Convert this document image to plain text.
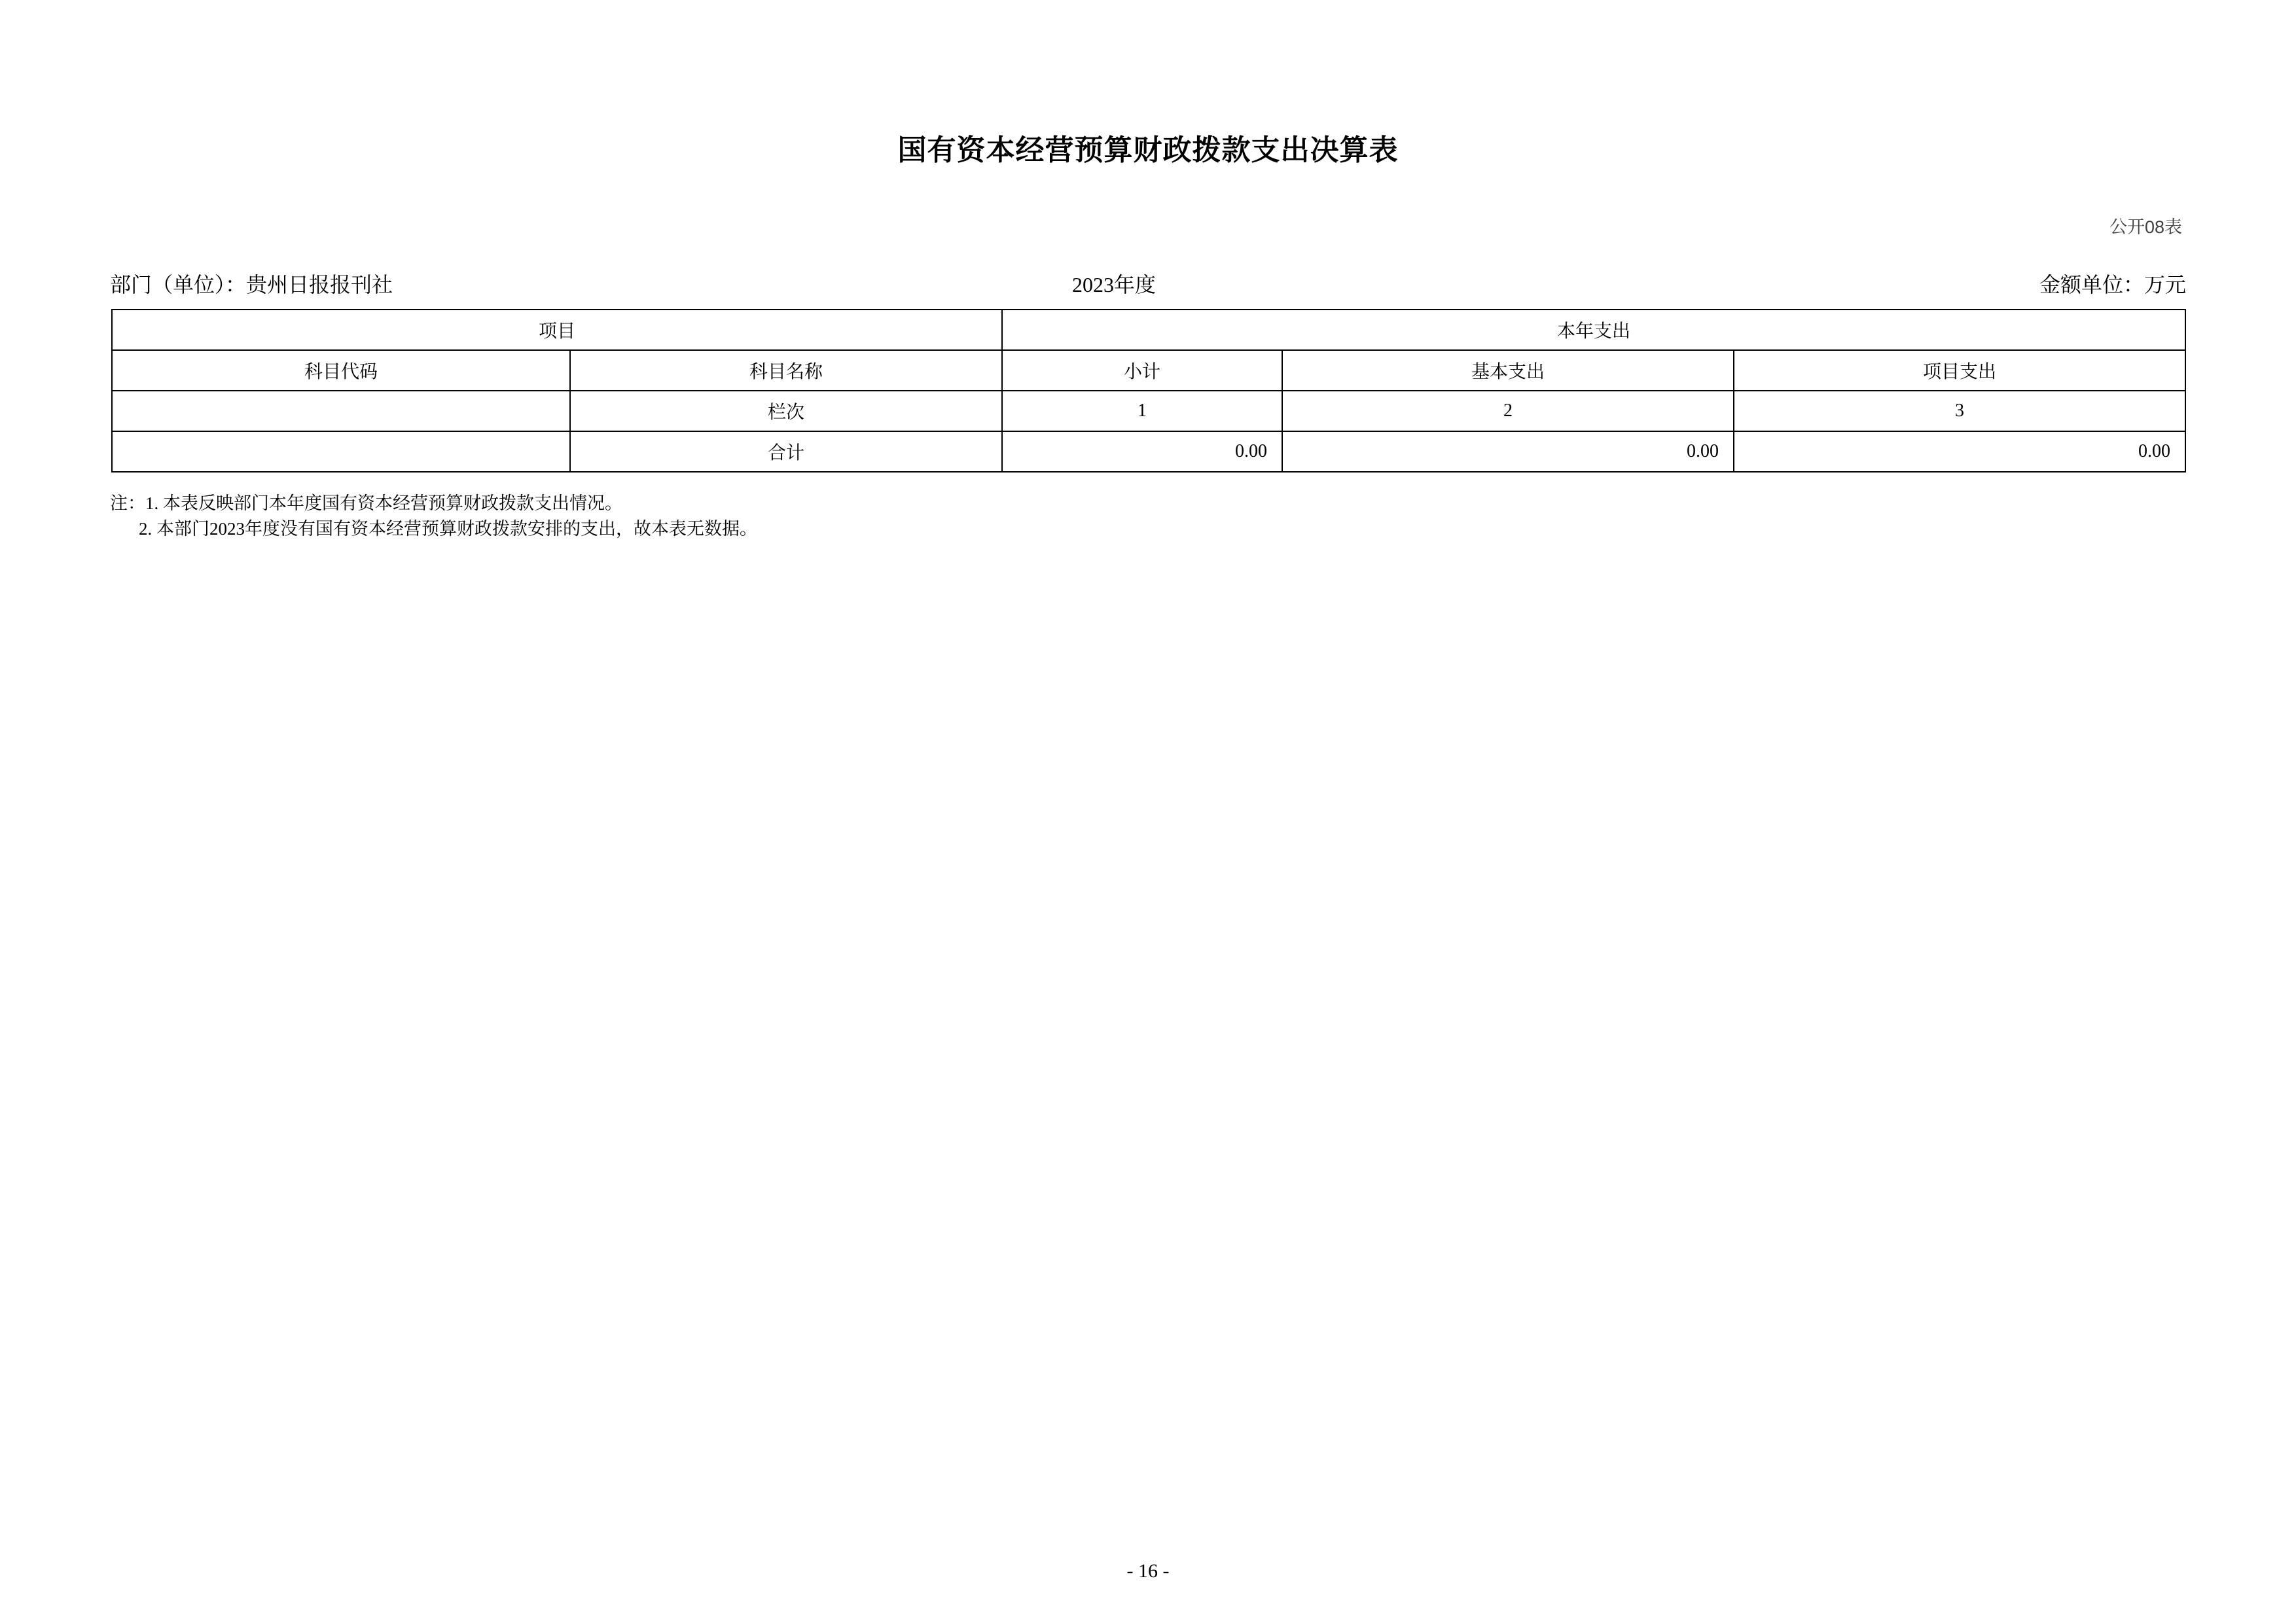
国有资本经营预算财政拨款支出决算表
公开08表
部门（单位）：贵州日报报刊社	2023年度	金额单位：万元
项目		本年支出		
科目代码	科目名称	小计	基本支出	项目支出
	栏次	1	2	3
	合计	0.00	0.00	0.00
注：1. 本表反映部门本年度国有资本经营预算财政拨款支出情况。
2. 本部门2023年度没有国有资本经营预算财政拨款安排的支出，故本表无数据。
- 16 -
